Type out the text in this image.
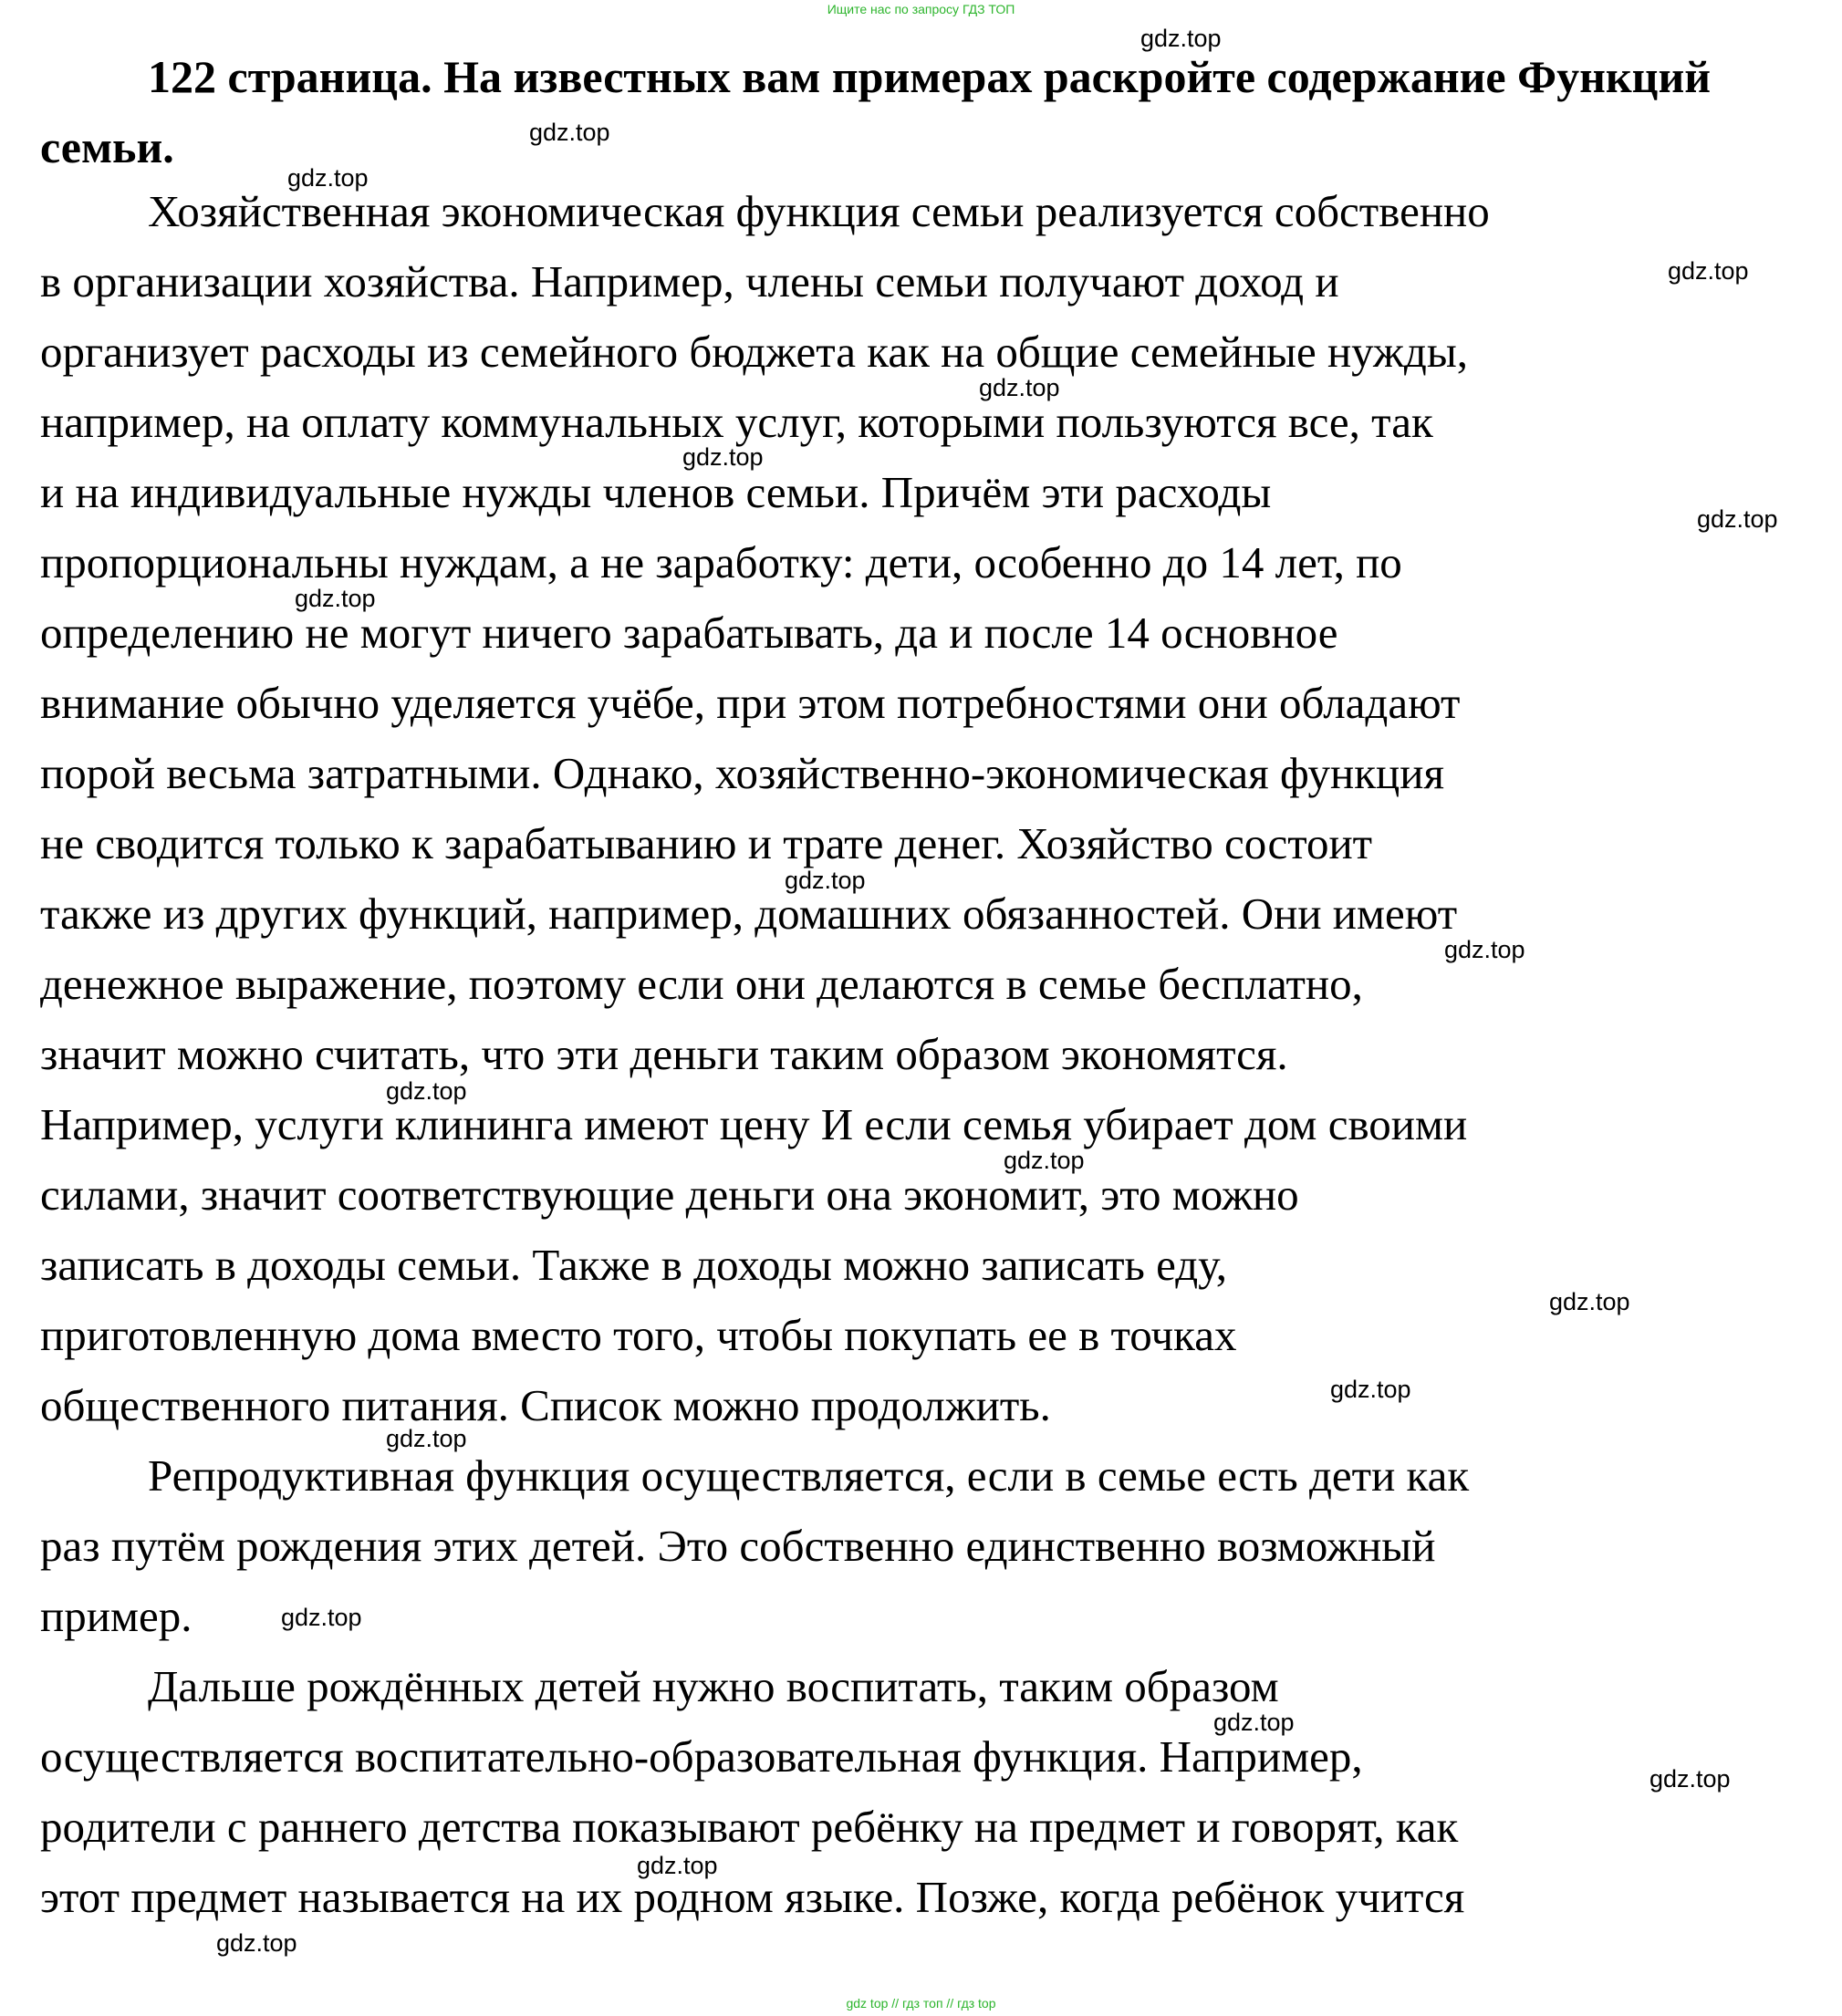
Ищите нас по запросу ГДЗ ТОП
122 страница. На известных вам примерах раскройте содержание Функций семьи.
Хозяйственная экономическая функция семьи реализуется собственно
в организации хозяйства. Например, члены семьи получают доход и
организует расходы из семейного бюджета как на общие семейные нужды,
например, на оплату коммунальных услуг, которыми пользуются все, так
и на индивидуальные нужды членов семьи. Причём эти расходы
пропорциональны нуждам, а не заработку: дети, особенно до 14 лет, по
определению не могут ничего зарабатывать, да и после 14 основное
внимание обычно уделяется учёбе, при этом потребностями они обладают
порой весьма затратными. Однако, хозяйственно-экономическая функция
не сводится только к зарабатыванию и трате денег. Хозяйство состоит
также из других функций, например, домашних обязанностей. Они имеют
денежное выражение, поэтому если они делаются в семье бесплатно,
значит можно считать, что эти деньги таким образом экономятся.
Например, услуги клининга имеют цену И если семья убирает дом своими
силами, значит соответствующие деньги она экономит, это можно
записать в доходы семьи. Также в доходы можно записать еду,
приготовленную дома вместо того, чтобы покупать ее в точках
общественного питания. Список можно продолжить.
Репродуктивная функция осуществляется, если в семье есть дети как
раз путём рождения этих детей. Это собственно единственно возможный
пример.
Дальше рождённых детей нужно воспитать, таким образом
осуществляется воспитательно-образовательная функция. Например,
родители с раннего детства показывают ребёнку на предмет и говорят, как
этот предмет называется на их родном языке. Позже, когда ребёнок учится
gdz.top
gdz.top
gdz.top
gdz.top
gdz.top
gdz.top
gdz.top
gdz.top
gdz.top
gdz.top
gdz.top
gdz.top
gdz.top
gdz.top
gdz.top
gdz.top
gdz.top
gdz.top
gdz.top
gdz.top
gdz top // гдз топ // гдз top
